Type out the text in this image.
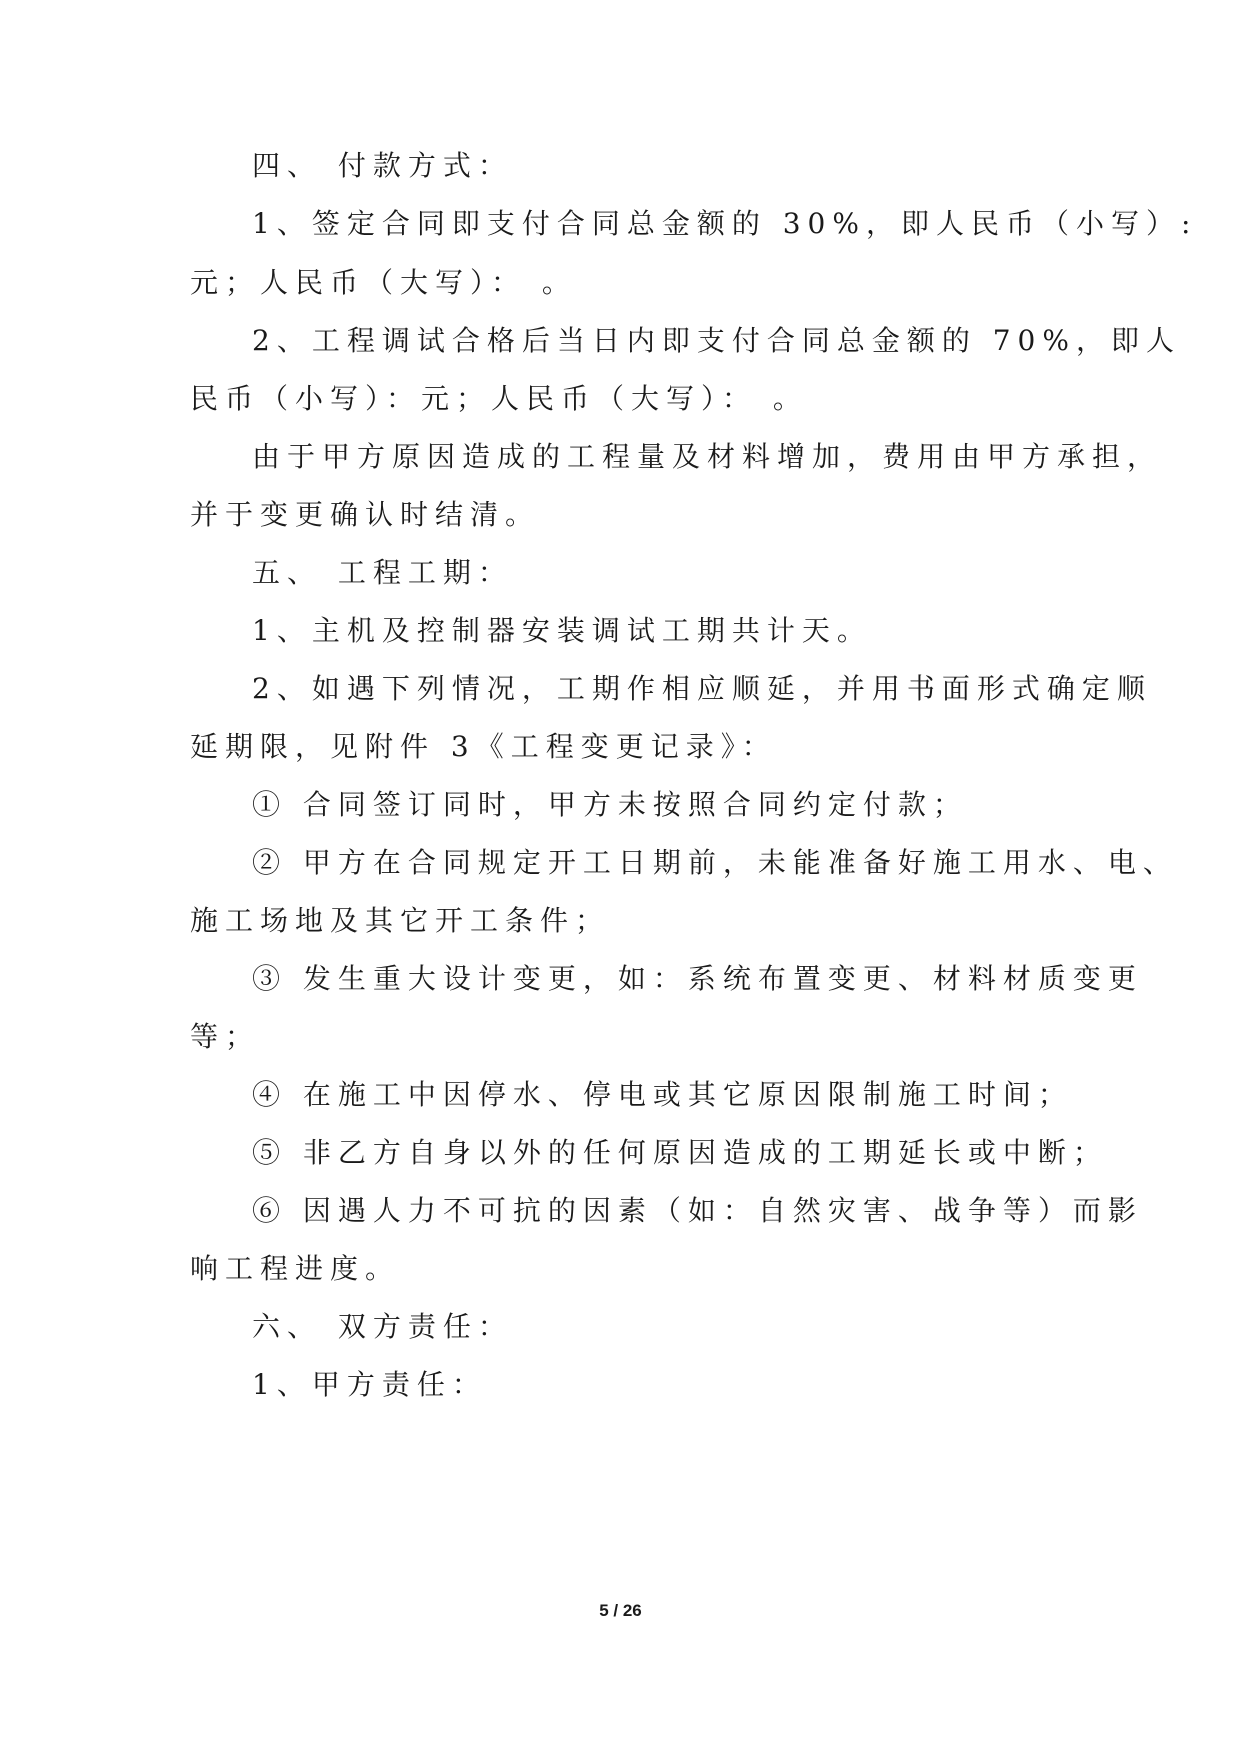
四、 付款方式：
1、签定合同即支付合同总金额的 30%，即人民币（小写）:
元；人民币（大写）： 。
2、工程调试合格后当日内即支付合同总金额的 70%，即人
民币（小写）：元；人民币（大写）： 。
由于甲方原因造成的工程量及材料增加，费用由甲方承担，
并于变更确认时结清。
五、 工程工期：
1、主机及控制器安装调试工期共计天。
2、如遇下列情况，工期作相应顺延，并用书面形式确定顺
延期限，见附件 3《工程变更记录》：
① 合同签订同时，甲方未按照合同约定付款；
② 甲方在合同规定开工日期前，未能准备好施工用水、电、
施工场地及其它开工条件；
③ 发生重大设计变更，如：系统布置变更、材料材质变更
等；
④ 在施工中因停水、停电或其它原因限制施工时间；
⑤ 非乙方自身以外的任何原因造成的工期延长或中断；
⑥ 因遇人力不可抗的因素（如：自然灾害、战争等）而影
响工程进度。
六、 双方责任：
1、甲方责任：
5 / 26
